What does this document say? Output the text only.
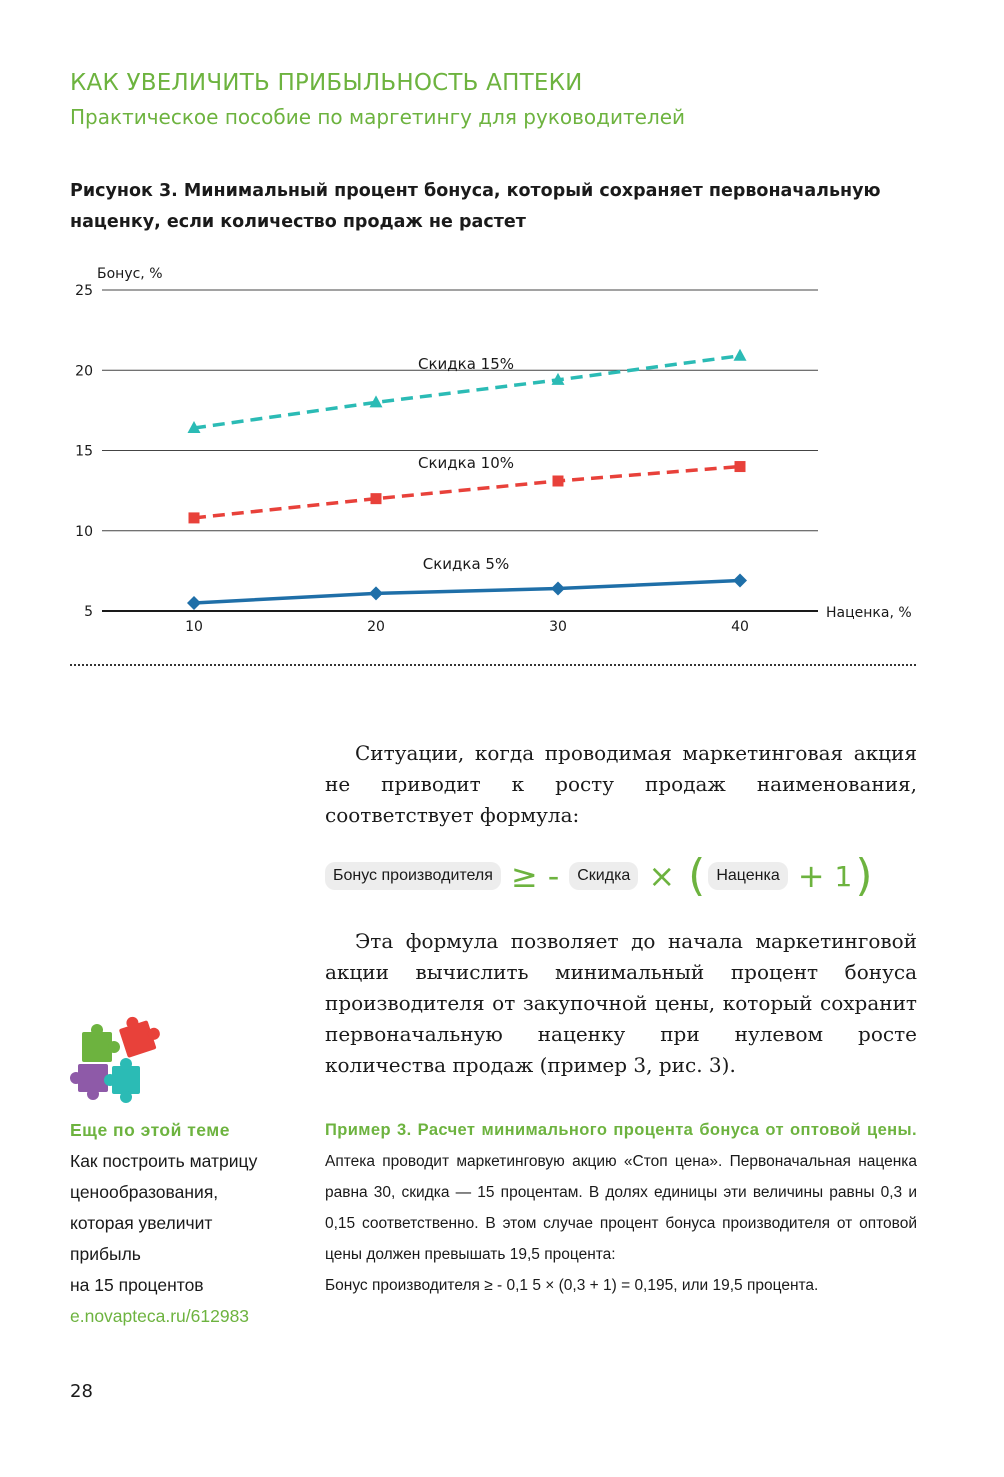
КАК УВЕЛИЧИТЬ ПРИБЫЛЬНОСТЬ АПТЕКИ
Практическое пособие по маргетингу для руководителей
Рисунок 3. Минимальный процент бонуса, который сохраняет первоначальную
наценку, если количество продаж не растет
5
10
15
20
25
10	20	30	40
Бонус, %
Наценка, %
Скидка 5%
Скидка 10%
Скидка 15%
Ситуации, когда проводимая маркетинговая акция не приводит к росту продаж наименования, соответствует формула:
Бонус производителя ≥ -	Скидка × ( Наценка + 1 )
Эта формула позволяет до начала маркетинговой акции вычислить минимальный процент бонуса производителя от закупочной цены, который сохранит первоначальную наценку при нулевом росте количества продаж (пример 3, рис. 3).
Еще по этой теме
Как построить матрицу
ценообразования,
которая увеличит
прибыль
на 15 процентов
e.novapteca.ru/612983
Пример 3. Расчет минимального процента бонуса от оптовой цены. Аптека проводит маркетинговую акцию «Стоп цена». Первоначальная наценка равна 30, скидка — 15 процентам. В долях единицы эти величины равны 0,3 и 0,15 соответственно. В этом случае процент бонуса производителя от оптовой цены должен превышать 19,5 процента:
Бонус производителя ≥ - 0,1 5 × (0,3 + 1) = 0,195, или 19,5 процента.
28
